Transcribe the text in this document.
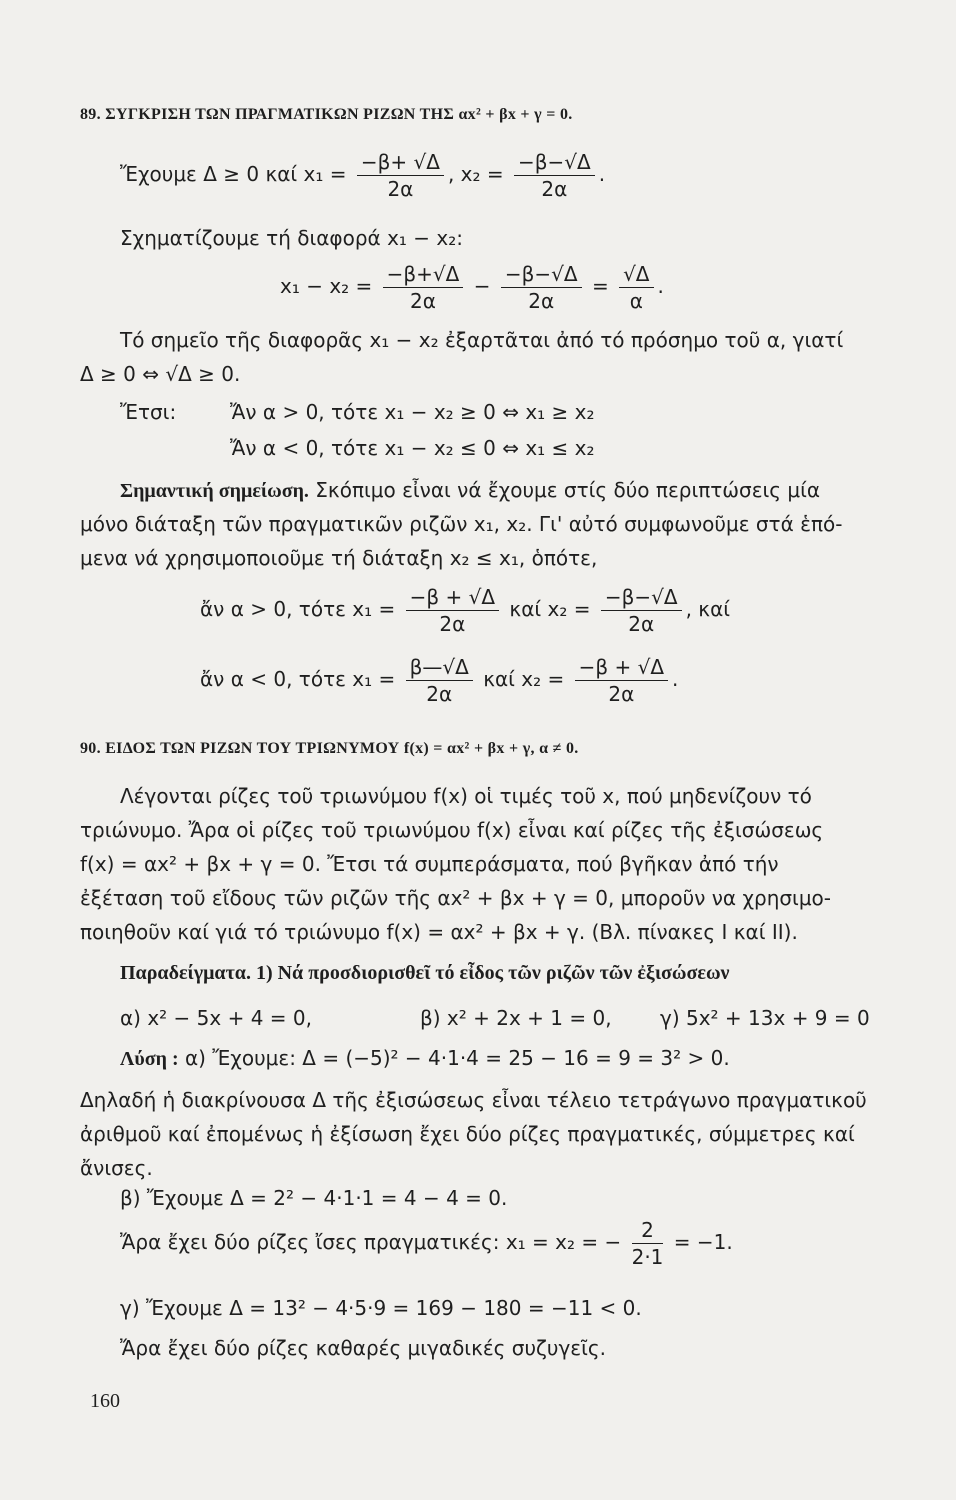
89. ΣΥΓΚΡΙΣΗ ΤΩΝ ΠΡΑΓΜΑΤΙΚΩΝ ΡΙΖΩΝ ΤΗΣ αx² + βx + γ = 0.
Ἔχουμε Δ ≥ 0 καί $x_1 = \frac{-\beta+ √\Delta}{2\alpha}$ , $x_2 = \frac{-\beta-√\Delta}{2\alpha}$ .
Σχηματίζουμε τή διαφορά x₁ − x₂:
$x_1 - x_2 = \frac{-\beta+√\Delta}{2\alpha} - \frac{-\beta-√\Delta}{2\alpha} = \frac{√\Delta}{\alpha}$ .
Τό σημεῖο τῆς διαφορᾶς x₁ − x₂ ἐξαρτᾶται ἀπό τό πρόσημο τοῦ α, γιατί
Δ ≥ 0 ⇔ √Δ ≥ 0.
Ἔτσι:	Ἄν α > 0, τότε x₁ − x₂ ≥ 0 ⇔ x₁ ≥ x₂
Ἄν α < 0, τότε x₁ − x₂ ≤ 0 ⇔ x₁ ≤ x₂
Σημαντική σημείωση. Σκόπιμο εἶναι νά ἔχουμε στίς δύο περιπτώσεις μία
μόνο διάταξη τῶν πραγματικῶν ριζῶν x₁, x₂. Γι' αὐτό συμφωνοῦμε στά ἑπό-
μενα νά χρησιμοποιοῦμε τή διάταξη x₂ ≤ x₁, ὁπότε,
ἄν α > 0, τότε $x_1 = \frac{-\beta + √\Delta}{2\alpha}$ καί $x_2 = \frac{-\beta-√\Delta}{2\alpha}$ , καί
ἄν α < 0, τότε $x_1 = \frac{\beta—√\Delta}{2\alpha}$ καί $x_2 = \frac{-\beta + √\Delta}{2\alpha}$ .
90. ΕΙΔΟΣ ΤΩΝ ΡΙΖΩΝ ΤΟΥ ΤΡΙΩΝΥΜΟΥ f(x) = αx² + βx + γ, α ≠ 0.
Λέγονται ρίζες τοῦ τριωνύμου f(x) οἱ τιμές τοῦ x, πού μηδενίζουν τό
τριώνυμο. Ἄρα οἱ ρίζες τοῦ τριωνύμου f(x) εἶναι καί ρίζες τῆς ἐξισώσεως
f(x) = αx² + βx + γ = 0. Ἔτσι τά συμπεράσματα, πού βγῆκαν ἀπό τήν
ἐξέταση τοῦ εἴδους τῶν ριζῶν τῆς αx² + βx + γ = 0, μποροῦν να χρησιμο-
ποιηθοῦν καί γιά τό τριώνυμο f(x) = αx² + βx + γ. (Βλ. πίνακες I καί II).
Παραδείγματα. 1) Νά προσδιορισθεῖ τό εἶδος τῶν ριζῶν τῶν ἐξισώσεων
α) x² − 5x + 4 = 0,	β) x² + 2x + 1 = 0, γ) 5x² + 13x + 9 = 0
Λύση : α) Ἔχουμε: Δ = (−5)² − 4·1·4 = 25 − 16 = 9 = 3² > 0.
Δηλαδή ἡ διακρίνουσα Δ τῆς ἐξισώσεως εἶναι τέλειο τετράγωνο πραγματικοῦ
ἀριθμοῦ καί ἐπομένως ἡ ἐξίσωση ἔχει δύο ρίζες πραγματικές, σύμμετρες καί
ἄνισες.
β) Ἔχουμε Δ = 2² − 4·1·1 = 4 − 4 = 0.
Ἄρα ἔχει δύο ρίζες ἴσες πραγματικές: x₁ = x₂ = − $\frac{2}{2\cdot 1} = -1$.
γ) Ἔχουμε Δ = 13² − 4·5·9 = 169 − 180 = −11 < 0.
Ἄρα ἔχει δύο ρίζες καθαρές μιγαδικές συζυγεῖς.
160
